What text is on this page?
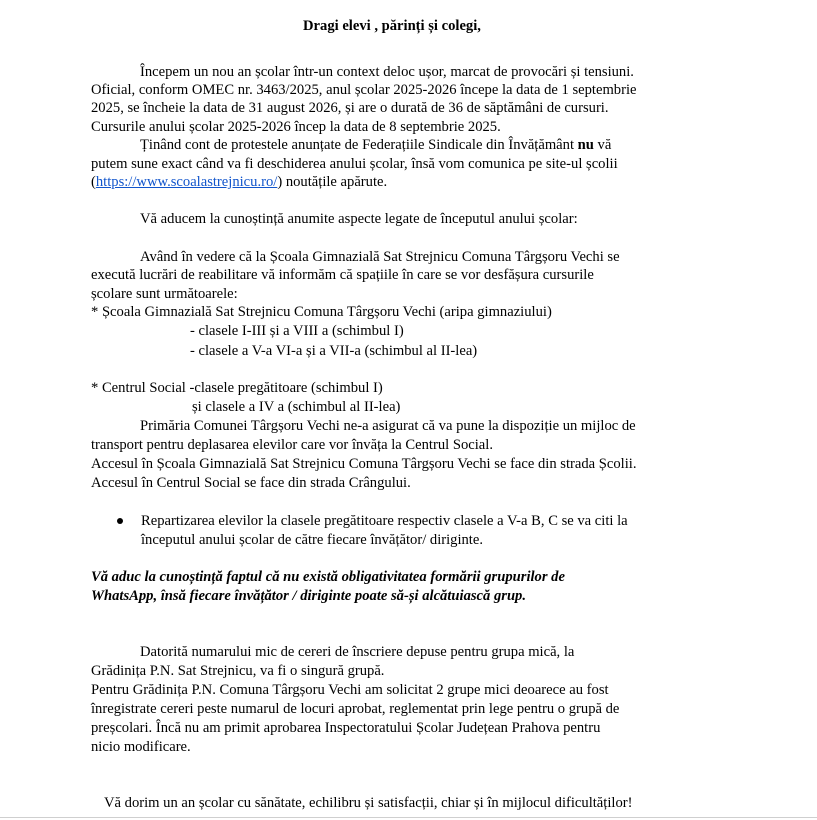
Dragi elevi , părinți și colegi,
Începem un nou an școlar într-un context deloc ușor, marcat de provocări și tensiuni.
Oficial, conform OMEC nr. 3463/2025, anul școlar 2025-2026 începe la data de 1 septembrie
2025, se încheie la data de 31 august 2026, și are o durată de 36 de săptămâni de cursuri.
Cursurile anului școlar 2025-2026 încep la data de 8 septembrie 2025.
Ținând cont de protestele anunțate de Federațiile Sindicale din Învățământ nu vă
putem sune exact când va fi deschiderea anului școlar, însă vom comunica pe site-ul școlii
(https://www.scoalastrejnicu.ro/) noutățile apărute.
Vă aducem la cunoștință anumite aspecte legate de începutul anului școlar:
Având în vedere că la Școala Gimnazială Sat Strejnicu Comuna Târgșoru Vechi se
execută lucrări de reabilitare vă informăm că spațiile în care se vor desfășura cursurile
școlare sunt următoarele:
* Școala Gimnazială Sat Strejnicu Comuna Târgșoru Vechi (aripa gimnaziului)
- clasele I-III și a VIII a (schimbul I)
- clasele a V-a VI-a și a VII-a (schimbul al II-lea)
* Centrul Social -clasele pregătitoare (schimbul I)
și clasele a IV a (schimbul al II-lea)
Primăria Comunei Târgșoru Vechi ne-a asigurat că va pune la dispoziție un mijloc de
transport pentru deplasarea elevilor care vor învăța la Centrul Social.
Accesul în Școala Gimnazială Sat Strejnicu Comuna Târgșoru Vechi se face din strada Școlii.
Accesul în Centrul Social se face din strada Crângului.
Repartizarea elevilor la clasele pregătitoare respectiv clasele a V-a B, C se va citi la
începutul anului școlar de către fiecare învățător/ diriginte.
Vă aduc la cunoștință faptul că nu există obligativitatea formării grupurilor de
WhatsApp, însă fiecare învățător / diriginte poate să-și alcătuiască grup.
Datorită numarului mic de cereri de înscriere depuse pentru grupa mică, la
Grădinița P.N. Sat Strejnicu, va fi o singură grupă.
Pentru Grădinița P.N. Comuna Târgșoru Vechi am solicitat 2 grupe mici deoarece au fost
înregistrate cereri peste numarul de locuri aprobat, reglementat prin lege pentru o grupă de
preșcolari. Încă nu am primit aprobarea Inspectoratului Școlar Județean Prahova pentru
nicio modificare.
Vă dorim un an școlar cu sănătate, echilibru și satisfacții, chiar și în mijlocul dificultăților!
